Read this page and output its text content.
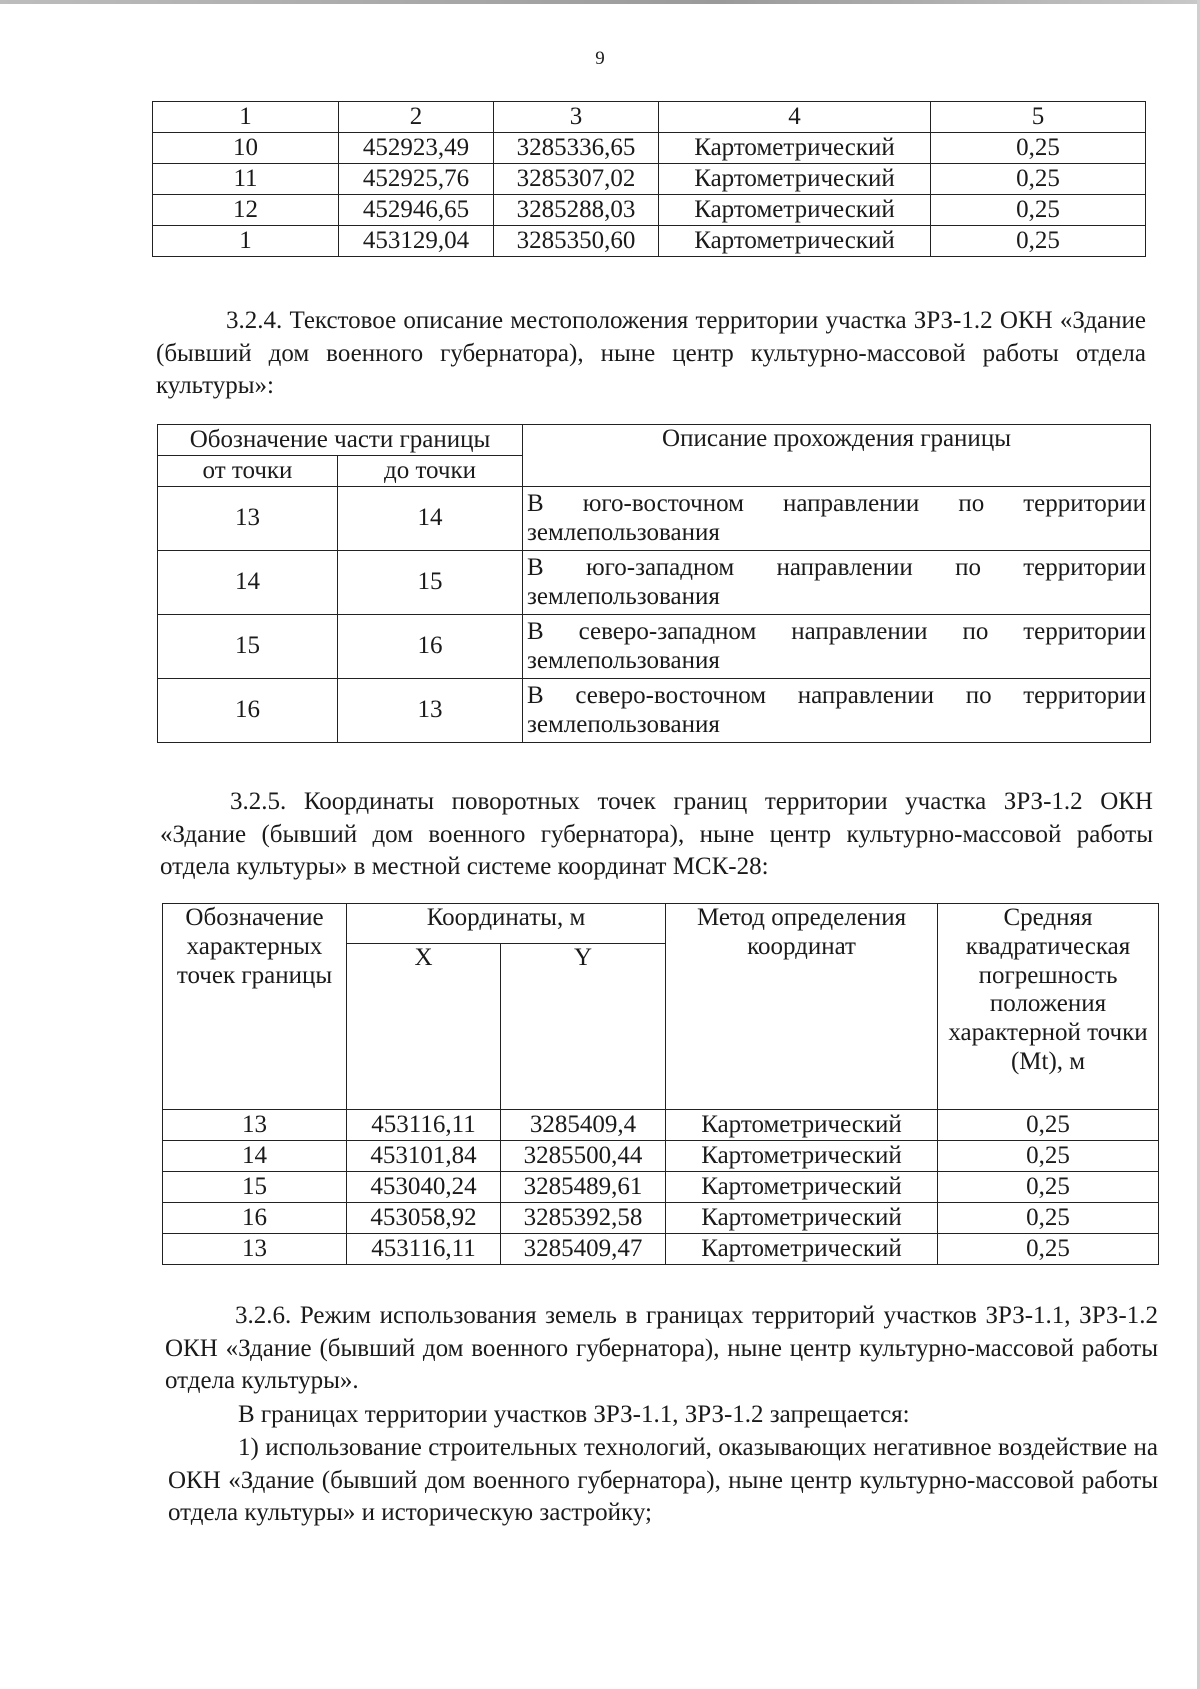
9
1	2	3	4	5
10	452923,49	3285336,65	Картометрический	0,25
11	452925,76	3285307,02	Картометрический	0,25
12	452946,65	3285288,03	Картометрический	0,25
1	453129,04	3285350,60	Картометрический	0,25

3.2.4. Текстовое описание местоположения территории участка ЗРЗ-1.2 ОКН «Здание (бывший дом военного губернатора), ныне центр культурно-массовой работы отдела культуры»:

Обозначение части границы		Описание прохождения границы
от точки	до точки	
13	14	В юго-восточном направлении по территории
землепользования
14	15	В юго-западном направлении по территории
землепользования
15	16	В северо-западном направлении по территории
землепользования
16	13	В северо-восточном направлении по территории
землепользования

3.2.5. Координаты поворотных точек границ территории участка ЗРЗ-1.2 ОКН «Здание (бывший дом военного губернатора), ныне центр культурно-массовой работы отдела культуры» в местной системе координат МСК-28:

Обозначение характерных точек границы	Координаты, м		Метод определения координат	Средняя квадратическая погрешность положения характерной точки (Mt), м
	X	Y		
13	453116,11	3285409,4	Картометрический	0,25
14	453101,84	3285500,44	Картометрический	0,25
15	453040,24	3285489,61	Картометрический	0,25
16	453058,92	3285392,58	Картометрический	0,25
13	453116,11	3285409,47	Картометрический	0,25

3.2.6. Режим использования земель в границах территорий участков ЗРЗ-1.1, ЗРЗ-1.2 ОКН «Здание (бывший дом военного губернатора), ныне центр культурно-массовой работы отдела культуры».

В границах территории участков ЗРЗ-1.1, ЗРЗ-1.2 запрещается:

1) использование строительных технологий, оказывающих негативное воздействие на ОКН «Здание (бывший дом военного губернатора), ныне центр культурно-массовой работы отдела культуры» и историческую застройку;
